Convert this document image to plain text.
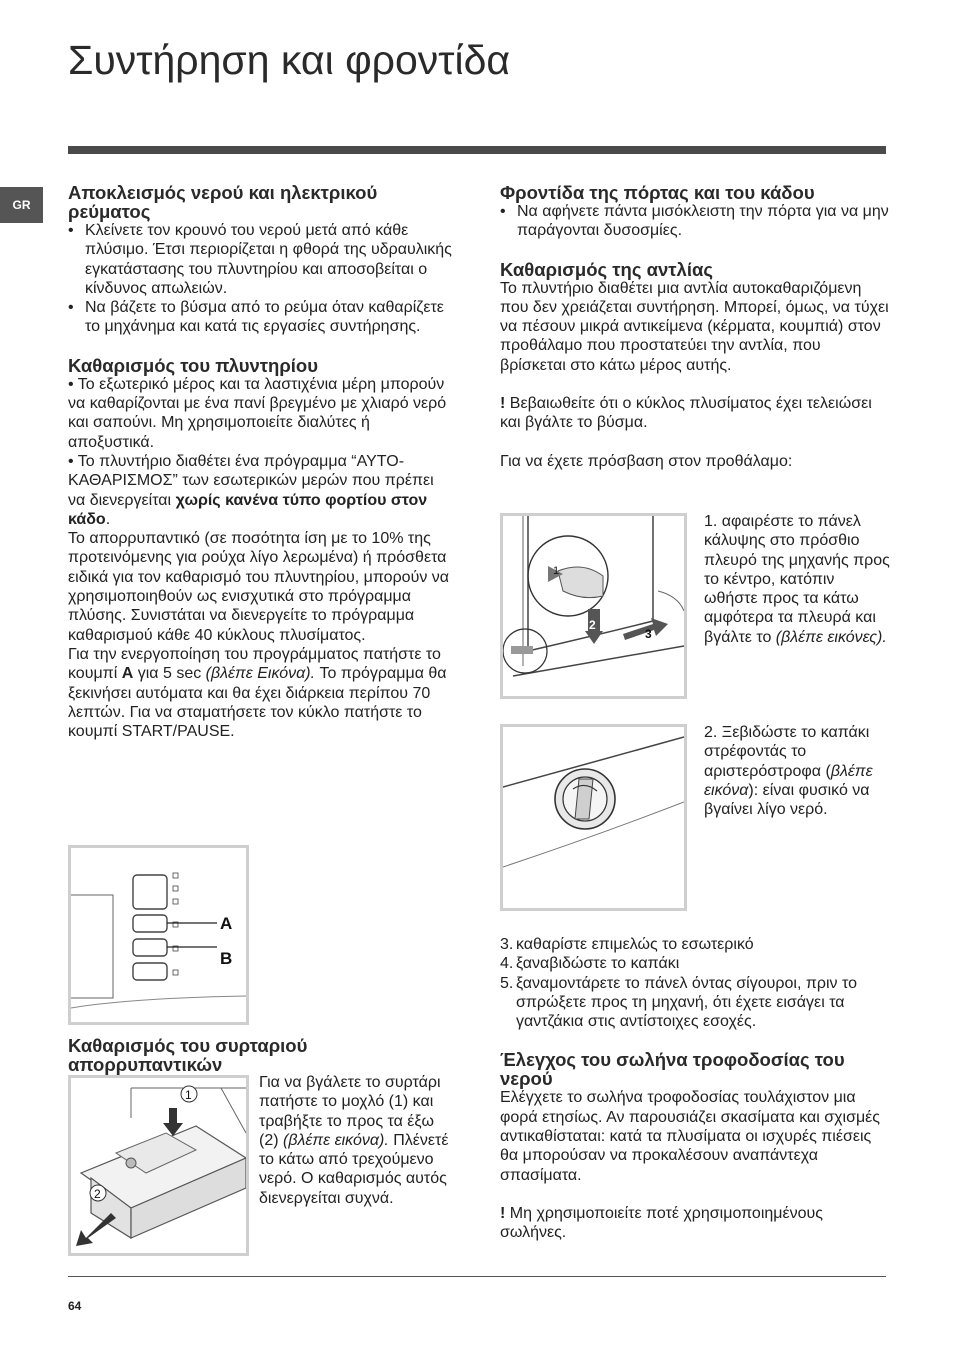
Συντήρηση και φροντίδα
GR
Αποκλεισμός νερού και ηλεκτρικού ρεύματος
• Κλείνετε τον κρουνό του νερού μετά από κάθε πλύσιμο. Έτσι περιορίζεται η φθορά της υδραυλικής εγκατάστασης του πλυντηρίου και αποσοβείται ο κίνδυνος απωλειών.
• Να βάζετε το βύσμα από το ρεύμα όταν καθαρίζετε το μηχάνημα και κατά τις εργασίες συντήρησης.
Καθαρισμός του πλυντηρίου

• Το εξωτερικό μέρος και τα λαστιχένια μέρη μπορούν να καθαρίζονται με ένα πανί βρεγμένο με χλιαρό νερό και σαπούνι. Μη χρησιμοποιείτε διαλύτες ή αποξυστικά.

• Το πλυντήριο διαθέτει ένα πρόγραμμα “ΑΥΤΟ-ΚΑΘΑΡΙΣΜΟΣ” των εσωτερικών μερών που πρέπει να διενεργείται χωρίς κανένα τύπο φορτίου στον κάδο.

Το απορρυπαντικό (σε ποσότητα ίση με το 10% της προτεινόμενης για ρούχα λίγο λερωμένα) ή πρόσθετα ειδικά για τον καθαρισμό του πλυντηρίου, μπορούν να χρησιμοποιηθούν ως ενισχυτικά στο πρόγραμμα πλύσης. Συνιστάται να διενεργείτε το πρόγραμμα καθαρισμού κάθε 40 κύκλους πλυσίματος.

Για την ενεργοποίηση του προγράμματος πατήστε το κουμπί A για 5 sec (βλέπε Εικόνα). Το πρόγραμμα θα ξεκινήσει αυτόματα και θα έχει διάρκεια περίπου 70 λεπτών. Για να σταματήσετε τον κύκλο πατήστε το κουμπί START/PAUSE.

A
B
Καθαρισμός του συρταριού απορρυπαντικών
1
2

Για να βγάλετε το συρτάρι πατήστε το μοχλό (1) και τραβήξτε το προς τα έξω (2) (βλέπε εικόνα). Πλένετέ το κάτω από τρεχούμενο νερό. Ο καθαρισμός αυτός διενεργείται συχνά.

Φροντίδα της πόρτας και του κάδου
• Να αφήνετε πάντα μισόκλειστη την πόρτα για να μην παράγονται δυσοσμίες.
Καθαρισμός της αντλίας

Το πλυντήριο διαθέτει μια αντλία αυτοκαθαριζόμενη που δεν χρειάζεται συντήρηση. Μπορεί, όμως, να τύχει να πέσουν μικρά αντικείμενα (κέρματα, κουμπιά) στον προθάλαμο που προστατεύει την αντλία, που βρίσκεται στο κάτω μέρος αυτής.

! Βεβαιωθείτε ότι ο κύκλος πλυσίματος έχει τελειώσει και βγάλτε το βύσμα.

Για να έχετε πρόσβαση στον προθάλαμο:

1
2
3
1. αφαιρέστε το πάνελ κάλυψης στο πρόσθιο πλευρό της μηχανής προς το κέντρο, κατόπιν ωθήστε προς τα κάτω αμφότερα τα πλευρά και βγάλτε το (βλέπε εικόνες).
2. Ξεβιδώστε το καπάκι στρέφοντάς το αριστερόστροφα (βλέπε εικόνα): είναι φυσικό να βγαίνει λίγο νερό.
3. καθαρίστε επιμελώς το εσωτερικό
4. ξαναβιδώστε το καπάκι
5. ξαναμοντάρετε το πάνελ όντας σίγουροι, πριν το σπρώξετε προς τη μηχανή, ότι έχετε εισάγει τα γαντζάκια στις αντίστοιχες εσοχές.
Έλεγχος του σωλήνα τροφοδοσίας του νερού

Ελέγχετε το σωλήνα τροφοδοσίας τουλάχιστον μια φορά ετησίως. Αν παρουσιάζει σκασίματα και σχισμές αντικαθίσταται: κατά τα πλυσίματα οι ισχυρές πιέσεις θα μπορούσαν να προκαλέσουν αναπάντεχα σπασίματα.

! Μη χρησιμοποιείτε ποτέ χρησιμοποιημένους σωλήνες.

64
